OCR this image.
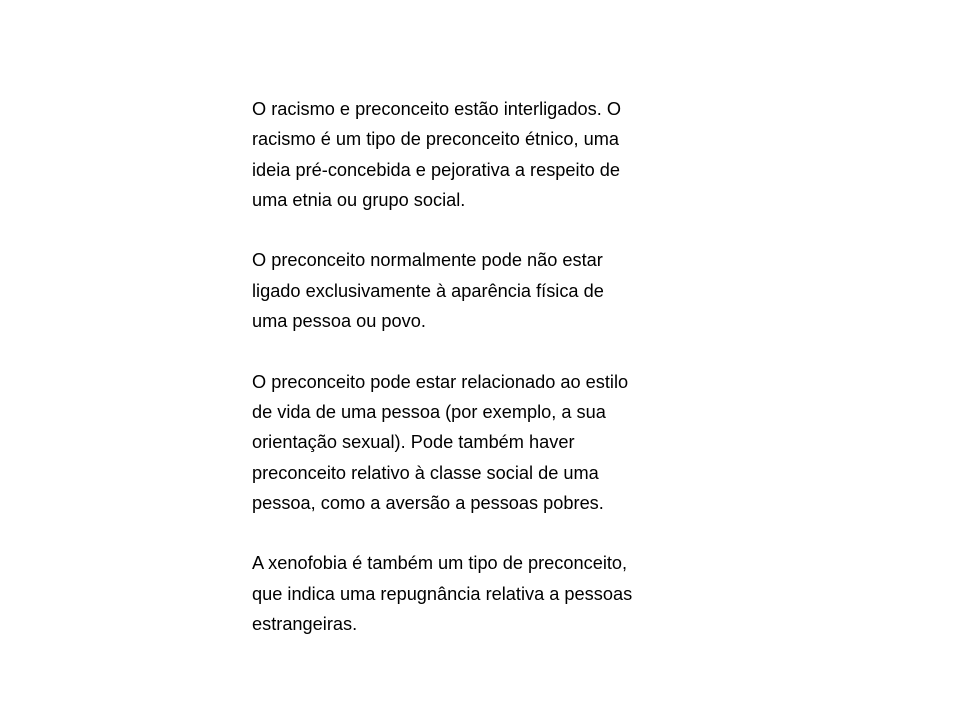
O racismo e preconceito estão interligados. O
racismo é um tipo de preconceito étnico, uma
ideia pré-concebida e pejorativa a respeito de
uma etnia ou grupo social.

O preconceito normalmente pode não estar
ligado exclusivamente à aparência física de
uma pessoa ou povo.

O preconceito pode estar relacionado ao estilo
de vida de uma pessoa (por exemplo, a sua
orientação sexual). Pode também haver
preconceito relativo à classe social de uma
pessoa, como a aversão a pessoas pobres.

A xenofobia é também um tipo de preconceito,
que indica uma repugnância relativa a pessoas
estrangeiras.
